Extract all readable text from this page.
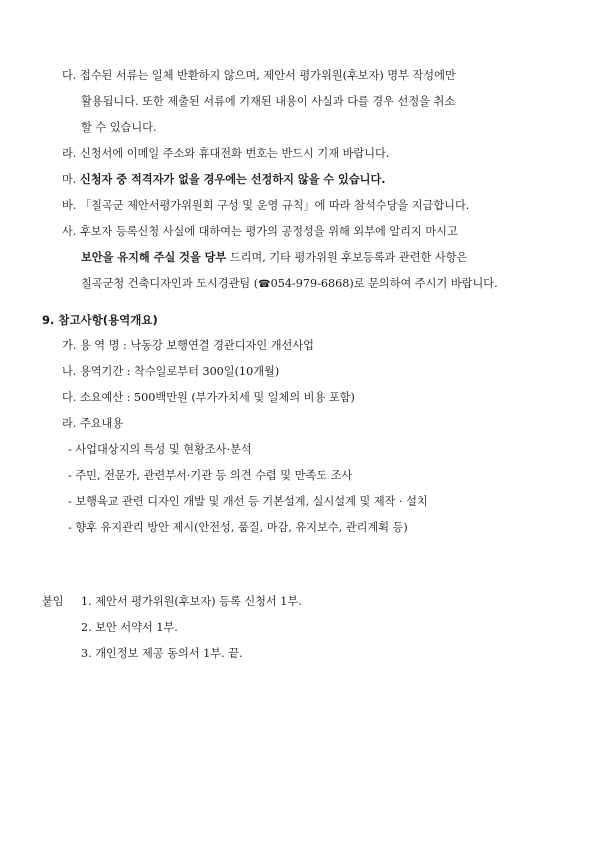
다. 접수된 서류는 일체 반환하지 않으며, 제안서 평가위원(후보자) 명부 작성에만
활용됩니다. 또한 제출된 서류에 기재된 내용이 사실과 다를 경우 선정을 취소
할 수 있습니다.
라. 신청서에 이메일 주소와 휴대전화 번호는 반드시 기재 바랍니다.
마. 신청자 중 적격자가 없을 경우에는 선정하지 않을 수 있습니다.
바. 「칠곡군 제안서평가위원회 구성 및 운영 규칙」에 따라 참석수당을 지급합니다.
사. 후보자 등록신청 사실에 대하여는 평가의 공정성을 위해 외부에 알리지 마시고
보안을 유지해 주실 것을 당부 드리며, 기타 평가위원 후보등록과 관련한 사항은
칠곡군청 건축디자인과 도시경관팀 (☎054-979-6868)로 문의하여 주시기 바랍니다.
9. 참고사항(용역개요)
가. 용 역 명 : 낙동강 보행연결 경관디자인 개선사업
나. 용역기간 : 착수일로부터 300일(10개월)
다. 소요예산 : 500백만원 (부가가치세 및 일체의 비용 포함)
라. 주요내용
- 사업대상지의 특성 및 현황조사·분석
- 주민, 전문가, 관련부서·기관 등 의견 수렴 및 만족도 조사
- 보행육교 관련 디자인 개발 및 개선 등 기본설계, 실시설계 및 제작 · 설치
- 향후 유지관리 방안 제시(안전성, 품질, 마감, 유지보수, 관리계획 등)
붙임 1. 제안서 평가위원(후보자) 등록 신청서 1부.
2. 보안 서약서 1부.
3. 개인정보 제공 동의서 1부. 끝.
